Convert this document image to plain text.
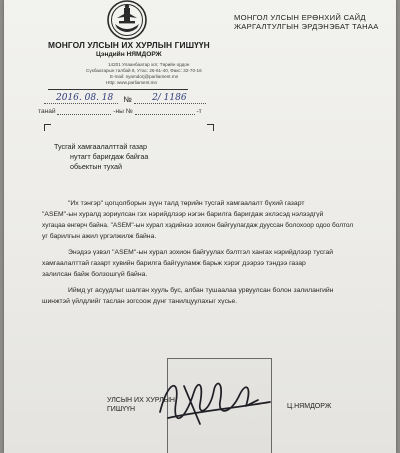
МОНГОЛ УЛСЫН ИХ ХУРЛЫН ГИШҮҮН
Цэндийн НЯМДОРЖ
14201 Улаанбаатар хот, Төрийн ордон
Сүхбаатарын талбай 8, Утас: 26-61-40, Факс: 32-70-16
E-mail: nyamdorj@parliament.mn
Http: www.parliament.mn
МОНГОЛ УЛСЫН ЕРӨНХИЙ САЙД
ЖАРГАЛТУЛГЫН ЭРДЭНЭБАТ ТАНАА
2016. 08. 18 № 2/ 1186
танай	-ны №	-т
Тусгай хамгаалалттай газар
нутагт баригдаж байгаа
обьектын тухай
"Их тэнгэр" цогцолборын зүүн талд төрийн тусгай хамгаалалт бүхий газарт
"ASEM"-ын хуралд зориулсан гэх нэрийдлээр нэгэн барилга баригдаж эхлэсэд нэлээдгүй
хугацаа өнгөрч байна. "ASEM"-ын хурал хэдийнээ зохион байгуулагдаж дууссан болохоор одоо болтол
уг барилгын ажил үргэлжилж байна.
Энэдээ үзвэл "ASEM"-ын хурал зохион байгуулах бэлтгэл хангах нэрийдлээр тусгай
хамгаалалттай газарт хувийн барилга байгууламж барьж хэрэг дээрээ тэндээ газар
залилсан байж болзошгүй байна.
Иймд уг асуудлыг шалган хууль бус, албан тушаалаа урвуулсан болон залилангийн
шинжтэй үйлдлийг таслан зогсоож дүнг танилцуулахыг хүсье.
УЛСЫН ИХ ХУРЛЫН
ГИШҮҮН	Ц.НЯМДОРЖ
